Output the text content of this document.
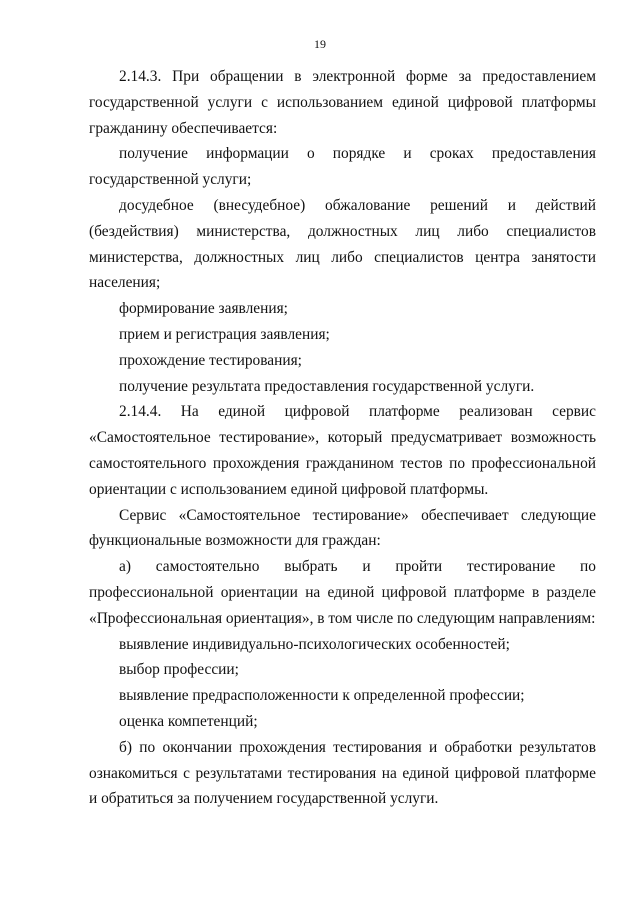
19

2.14.3. При обращении в электронной форме за предоставлением государственной услуги с использованием единой цифровой платформы гражданину обеспечивается:

получение информации о порядке и сроках предоставления государственной услуги;

досудебное (внесудебное) обжалование решений и действий (бездействия) министерства, должностных лиц либо специалистов министерства, должностных лиц либо специалистов центра занятости населения;

формирование заявления;

прием и регистрация заявления;

прохождение тестирования;

получение результата предоставления государственной услуги.

2.14.4. На единой цифровой платформе реализован сервис «Самостоятельное тестирование», который предусматривает возможность самостоятельного прохождения гражданином тестов по профессиональной ориентации с использованием единой цифровой платформы.

Сервис «Самостоятельное тестирование» обеспечивает следующие функциональные возможности для граждан:

а) самостоятельно выбрать и пройти тестирование по профессиональной ориентации на единой цифровой платформе в разделе «Профессиональная ориентация», в том числе по следующим направлениям:

выявление индивидуально-психологических особенностей;

выбор профессии;

выявление предрасположенности к определенной профессии;

оценка компетенций;

б) по окончании прохождения тестирования и обработки результатов ознакомиться с результатами тестирования на единой цифровой платформе и обратиться за получением государственной услуги.
